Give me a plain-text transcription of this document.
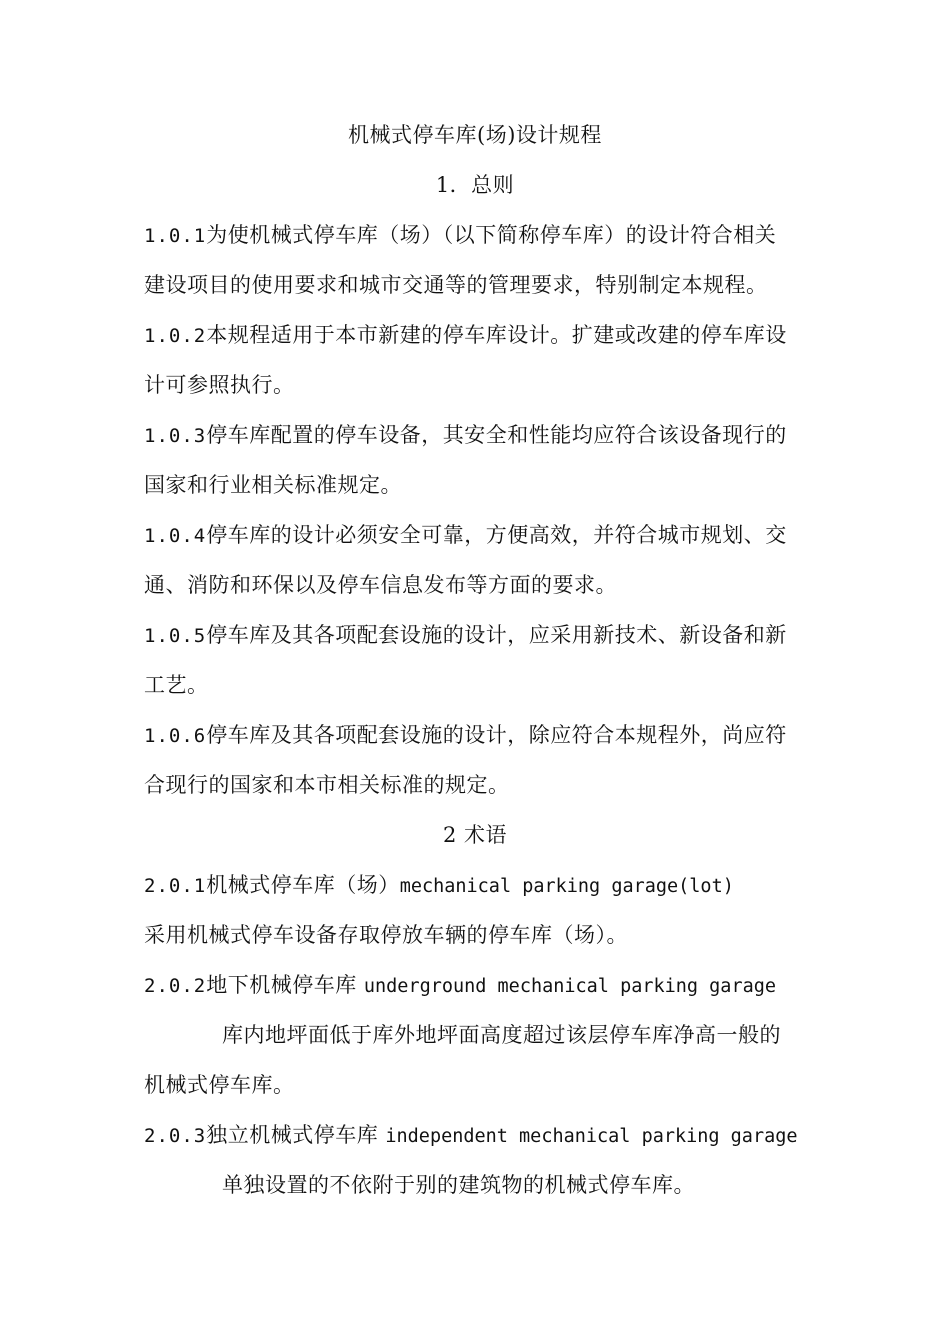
机械式停车库(场)设计规程
1．总则
1.0.1为使机械式停车库（场）（以下简称停车库）的设计符合相关
建设项目的使用要求和城市交通等的管理要求，特别制定本规程。
1.0.2本规程适用于本市新建的停车库设计。扩建或改建的停车库设
计可参照执行。
1.0.3停车库配置的停车设备，其安全和性能均应符合该设备现行的
国家和行业相关标准规定。
1.0.4停车库的设计必须安全可靠，方便高效，并符合城市规划、交
通、消防和环保以及停车信息发布等方面的要求。
1.0.5停车库及其各项配套设施的设计，应采用新技术、新设备和新
工艺。
1.0.6停车库及其各项配套设施的设计，除应符合本规程外，尚应符
合现行的国家和本市相关标准的规定。
2 术语
2.0.1机械式停车库（场）mechanical parking garage(lot)
采用机械式停车设备存取停放车辆的停车库（场）。
2.0.2地下机械停车库 underground mechanical parking garage
库内地坪面低于库外地坪面高度超过该层停车库净高一般的
机械式停车库。
2.0.3独立机械式停车库 independent mechanical parking garage
单独设置的不依附于别的建筑物的机械式停车库。
